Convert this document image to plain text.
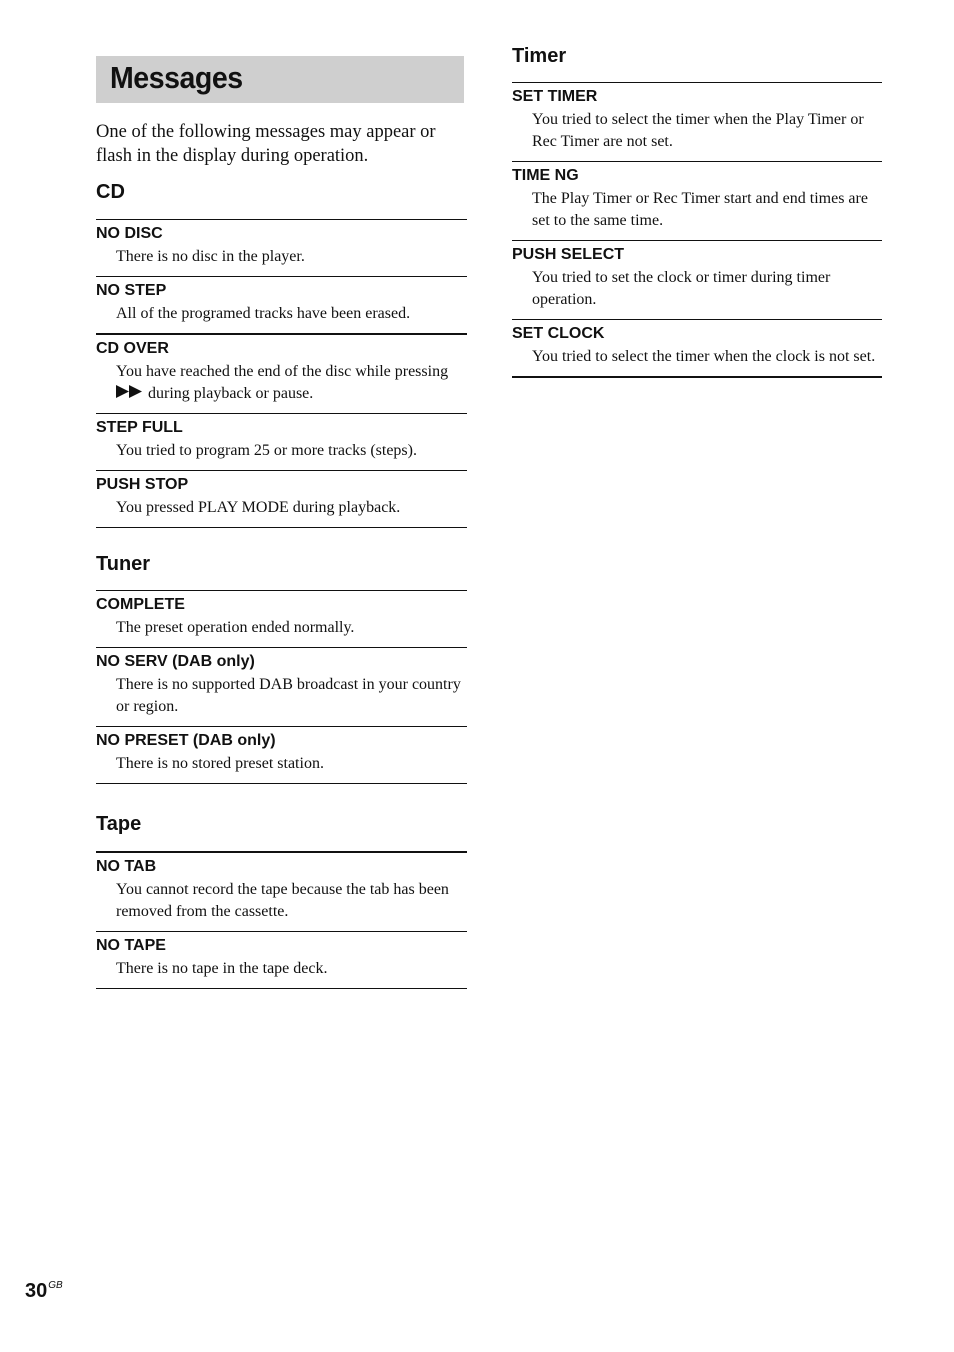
Messages
One of the following messages may appear or flash in the display during operation.
CD
NO DISC
There is no disc in the player.
NO STEP
All of the programed tracks have been erased.
CD OVER
You have reached the end of the disc while pressing
during playback or pause.
STEP FULL
You tried to program 25 or more tracks (steps).
PUSH STOP
You pressed PLAY MODE during playback.
Tuner
COMPLETE
The preset operation ended normally.
NO SERV (DAB only)
There is no supported DAB broadcast in your country or region.
NO PRESET (DAB only)
There is no stored preset station.
Tape
NO TAB
You cannot record the tape because the tab has been removed from the cassette.
NO TAPE
There is no tape in the tape deck.
Timer
SET TIMER
You tried to select the timer when the Play Timer or Rec Timer are not set.
TIME NG
The Play Timer or Rec Timer start and end times are set to the same time.
PUSH SELECT
You tried to set the clock or timer during timer operation.
SET CLOCK
You tried to select the timer when the clock is not set.
$30^{GB}$
